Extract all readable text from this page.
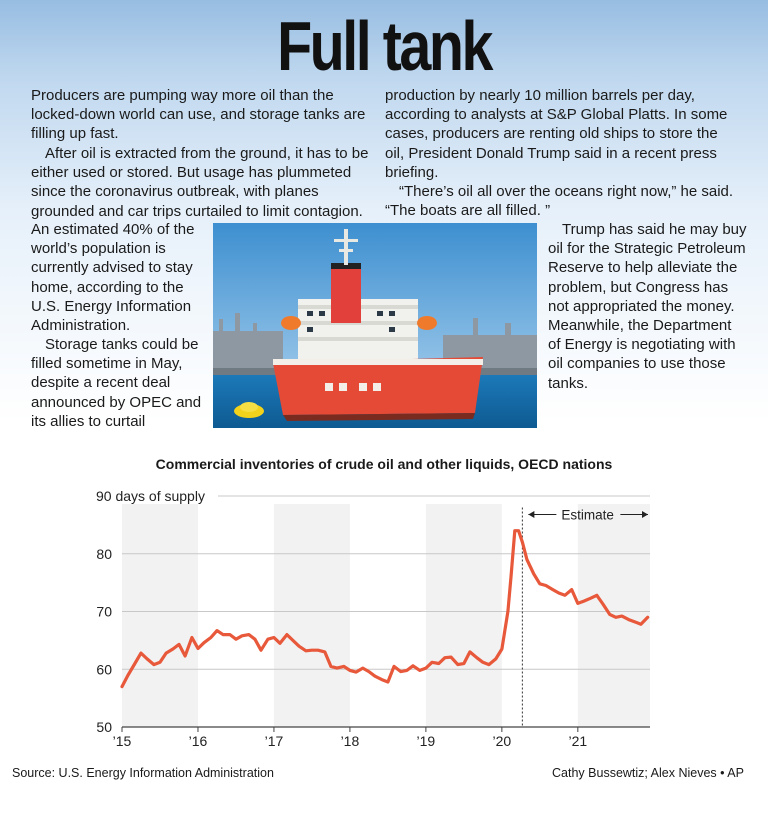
Full tank

Producers are pumping way more oil than the locked-down world can use, and storage tanks are filling up fast.

After oil is extracted from the ground, it has to be either used or stored. But usage has plummeted since the coronavirus outbreak, with planes grounded and car trips curtailed to limit contagion.

An estimated 40% of the world’s population is currently advised to stay home, according to the U.S. Energy Information Administration.

Storage tanks could be filled sometime in May, despite a recent deal announced by OPEC and its allies to curtail

production by nearly 10 million barrels per day, according to analysts at S&P Global Platts. In some cases, producers are renting old ships to store the oil, President Donald Trump said in a recent press briefing.

“There’s oil all over the oceans right now,” he said. “The boats are all filled. ”

Trump has said he may buy oil for the Strategic Petroleum Reserve to help alleviate the problem, but Congress has not appropriated the money. Meanwhile, the Department of Energy is negotiating with oil companies to use those tanks.

Commercial inventories of crude oil and other liquids, OECD nations
50
60
70
80
’15	’16	’17	’18	’19	’20	’21
Estimate
90 days of supply
Source: U.S. Energy Information Administration	Cathy Bussewtiz; Alex Nieves • AP
